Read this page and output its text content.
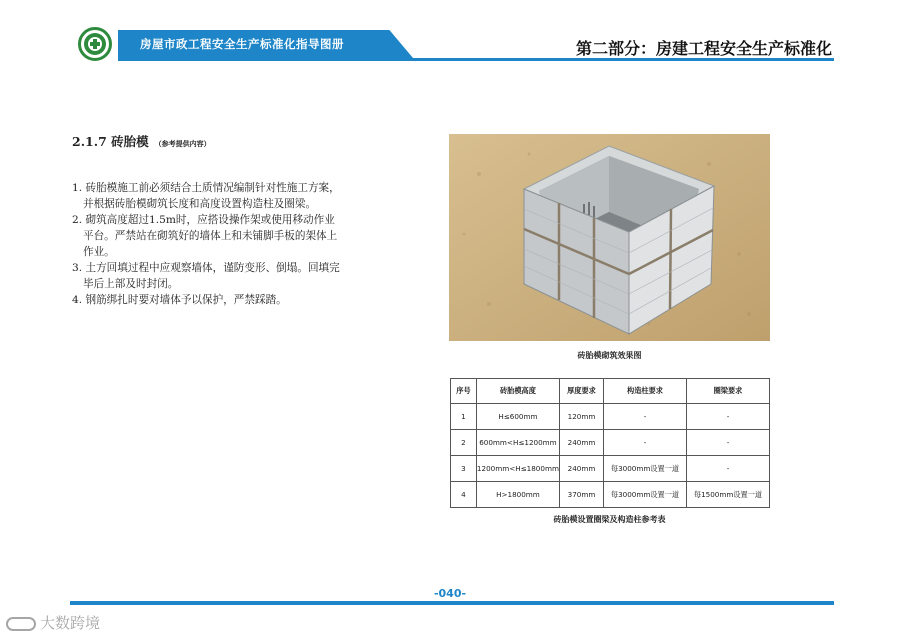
房屋市政工程安全生产标准化指导图册	第二部分：房建工程安全生产标准化
2.1.7 砖胎模 （参考提供内容）
1. 砖胎模施工前必须结合土质情况编制针对性施工方案，并根据砖胎模砌筑长度和高度设置构造柱及圈梁。
2. 砌筑高度超过1.5m时，应搭设操作架或使用移动作业平台。严禁站在砌筑好的墙体上和未铺脚手板的架体上作业。
3. 土方回填过程中应观察墙体，谨防变形、倒塌。回填完毕后上部及时封闭。
4. 钢筋绑扎时要对墙体予以保护，严禁踩踏。
砖胎模砌筑效果图
序号	砖胎模高度	厚度要求	构造柱要求	圈梁要求
1	H≤600mm	120mm	-	-
2	600mm<H≤1200mm	240mm	-	-
3	1200mm<H≤1800mm	240mm	每3000mm设置一道	-
4	H>1800mm	370mm	每3000mm设置一道	每1500mm设置一道
砖胎模设置圈梁及构造柱参考表
-040-
大数跨境
